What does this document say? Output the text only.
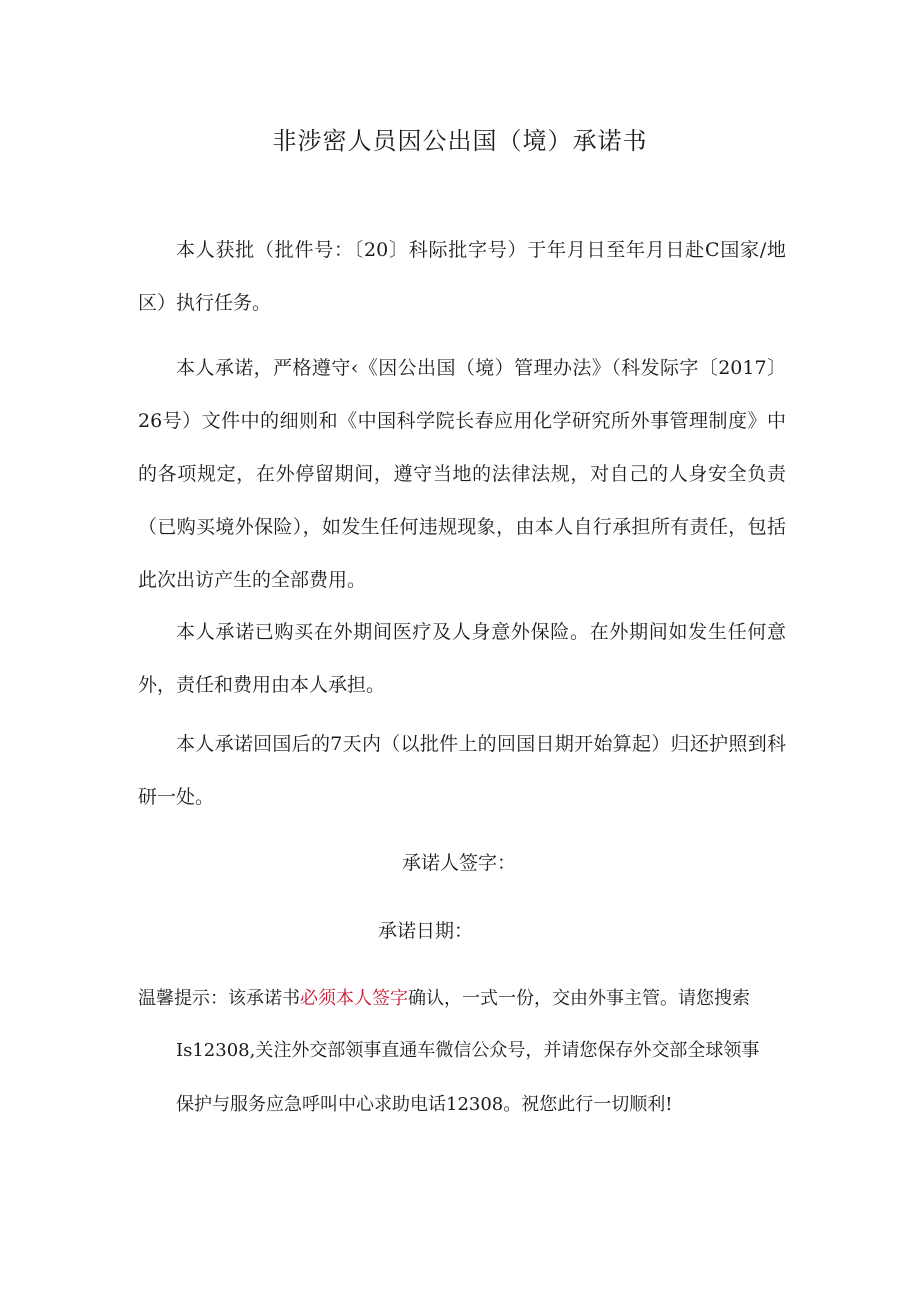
非涉密人员因公出国（境）承诺书

本人获批（批件号：〔20〕科际批字号）于年月日至年月日赴C国家/地区）执行任务。

本人承诺，严格遵守‹《因公出国（境）管理办法》（科发际字〔2017〕26号）文件中的细则和《中国科学院长春应用化学研究所外事管理制度》中的各项规定，在外停留期间，遵守当地的法律法规，对自己的人身安全负责（已购买境外保险），如发生任何违规现象，由本人自行承担所有责任，包括此次出访产生的全部费用。

本人承诺已购买在外期间医疗及人身意外保险。在外期间如发生任何意外，责任和费用由本人承担。

本人承诺回国后的7天内（以批件上的回国日期开始算起）归还护照到科研一处。

承诺人签字：
承诺日期：
温馨提示：该承诺书必须本人签字确认，一式一份，交由外事主管。请您搜索
Is12308,关注外交部领事直通车微信公众号，并请您保存外交部全球领事
保护与服务应急呼叫中心求助电话12308。祝您此行一切顺利!
